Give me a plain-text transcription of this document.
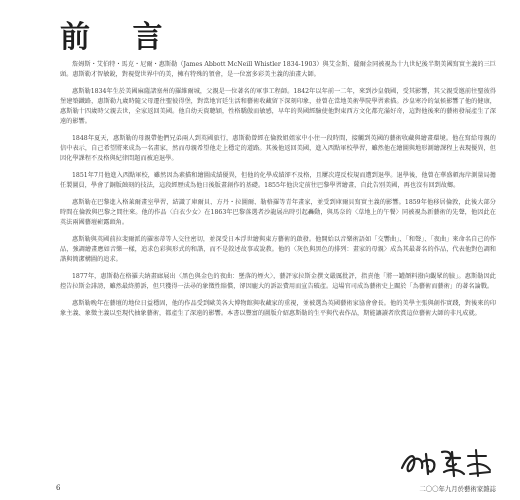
前 言

詹姆斯・艾伯特・馬克・尼爾・惠斯勒（James Abbott McNeill Whistler 1834-1903）與艾金斯、薩爾金同被視為十九世紀後半期美國寫實主義的三巨頭。惠斯勒才智敏銳，對視覺世界中的美，擁有特殊的領會，是一位富多彩美主義的油畫大師。

惠斯勒1834年生於美國麻薩諸塞州的羅維爾城，父親是一位著名的軍事工程師。1842年以年前一二年，來到沙皇俄國，受其影響，其父親受邀前往聖彼得堡建築鐵路，惠斯勒九歲時隨父母遷往聖彼得堡，對當地宮廷生活和藝術收藏留下深刻印象，並曾在當地美術學院學習素描。沙皇寒冷的氣候影響了他的健康，惠斯勒十四歲時父親去世，全家返回美國。他自幼天資聰穎，性格驕傲而敏感，早年的異國經驗使他對東西方文化都充滿好奇，這對他後來的藝術發展產生了深遠的影響。

1848年夏天，惠斯勒的母親帶他們兄弟兩人到英國旅行，惠斯勒曾經在倫敦姐姐家中小住一段時間，接觸到英國的藝術收藏與繪畫環境。他在寫給母親的信中表示，自己希望將來成為一名畫家，然而母親希望他走上穩定的道路。其後他返回美國，進入西點軍校學習，雖然他在繪圖與地形測繪課程上表現優異，但因化學課程不及格與紀律問題而被迫退學。

1851年7月他進入西點軍校，雖然因為素描和繪圖成績優異，但他的化學成績卻不及格，且屢次違反校規而遭到退學。退學後，他曾在華盛頓海岸測量局擔任製圖員，學會了銅版蝕刻的技法，這段經歷成為他日後版畫創作的基礎。1855年他決定前往巴黎學習繪畫，自此告別美國，再也沒有回到故鄉。

惠斯勒在巴黎進入格萊爾畫室學習，結識了庫爾貝、方丹・拉圖爾、勒格羅等青年畫家，並受到庫爾貝寫實主義的影響。1859年他移居倫敦，此後大部分時間在倫敦與巴黎之間往來。他的作品〈白衣少女〉在1863年巴黎落選者沙龍展出時引起轟動，與馬奈的〈草地上的午餐〉同被視為新藝術的先聲，他因此在英法兩國藝壇嶄露頭角。

惠斯勒與英國前拉斐爾派的羅塞蒂等人交往密切，並深受日本浮世繪與東方藝術的啟發。他開始以音樂術語如「交響曲」、「和聲」、「夜曲」來命名自己的作品，強調繪畫應如音樂一樣，追求色彩與形式的和諧，而不是敘述故事或說教。他的〈灰色與黑色的排列：畫家的母親〉成為其最著名的作品，代表他對色調和諧與簡潔構圖的追求。

1877年，惠斯勒在格羅夫納畫廊展出〈黑色與金色的夜曲：墜落的煙火〉，藝評家拉斯金撰文嚴厲批評，指責他「將一罐顏料潑向觀眾的臉」。惠斯勒因此控告拉斯金誹謗，雖然最終勝訴，但只獲得一法尋的象徵性賠償，卻因龐大的訴訟費用而宣告破產。這場官司成為藝術史上關於「為藝術而藝術」的著名論戰。

惠斯勒晚年在藝壇的地位日益穩固，他的作品受到歐美各大博物館與收藏家的重視，並被選為英國藝術家協會會長。他的美學主張與創作實踐，對後來的印象主義、象徵主義以至現代抽象藝術，都產生了深遠的影響。本書以豐富的圖版介紹惠斯勒的生平與代表作品，期能讓讀者欣賞這位藝術大師的非凡成就。

二〇〇年九月於藝術家雜誌
6
